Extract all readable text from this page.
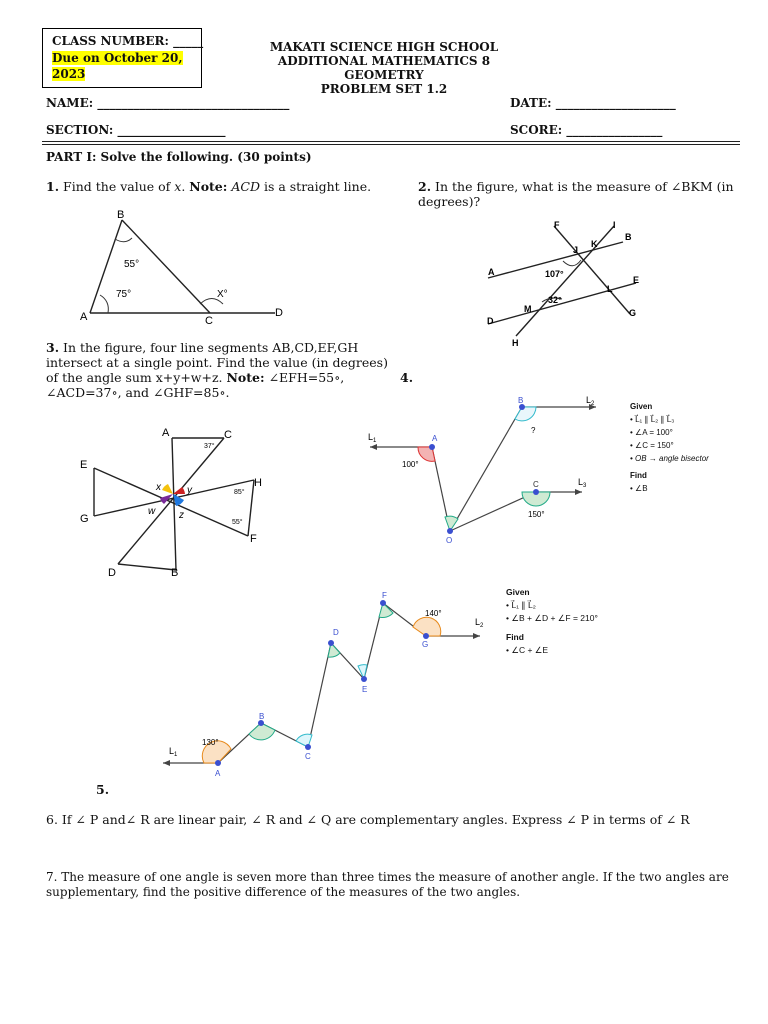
CLASS NUMBER: _____
Due on October 20,
2023
MAKATI SCIENCE HIGH SCHOOL
ADDITIONAL MATHEMATICS 8
GEOMETRY
PROBLEM SET 1.2
NAME: ________________________________	DATE: ____________________
SECTION: __________________	SCORE: ________________
PART I: Solve the following. (30 points)
1. Find the value of x. Note: ACD is a straight line.
B
A	C
D
55°
75°	X°
2. In the figure, what is the measure of ∠BKM (in degrees)?
F	I
J
K
B
A
E
L
M
D
G
H
107°
32°
3. In the figure, four line segments AB,CD,EF,GH
intersect at a single point. Find the value (in degrees)
of the angle sum x+y+w+z. Note: ∠EFH=55∘,
∠ACD=37∘, and ∠GHF=85∘.
A	C
E
H
G
F
D	B
x	y
w z
37°
85°
55°
4.
$L_1$
$L_2$
$L_3$
A
B
C
O
100°
150°
?
Given
• L⃗₁ ∥ L⃗₂ ∥ L⃗₃
• ∠A = 100°
• ∠C = 150°
• OB → angle bisector
Find
• ∠B
$L_1$
$L_2$
A
B
C
D
E
F
G
130°
140°
Given
• L⃗₁ ∥ L⃗₂
• ∠B + ∠D + ∠F = 210°
Find
• ∠C + ∠E
5.
6. If ∠ P and∠ R are linear pair, ∠ R and ∠ Q are complementary angles. Express ∠ P in terms of ∠ R
7. The measure of one angle is seven more than three times the measure of another angle. If the two angles are
supplementary, find the positive difference of the measures of the two angles.
